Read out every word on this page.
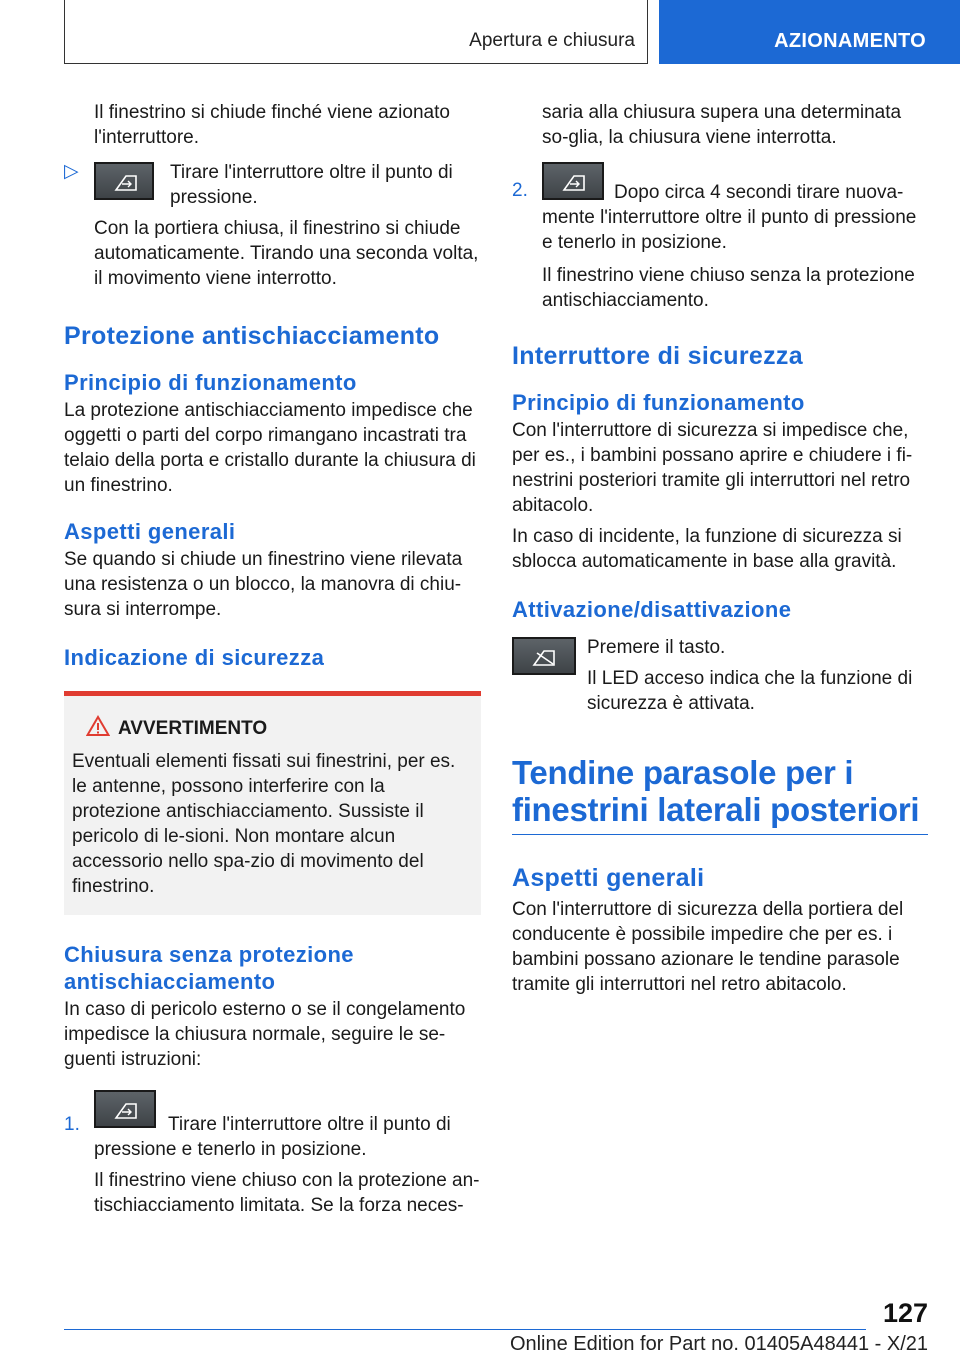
Apertura e chiusura	AZIONAMENTO

Il finestrino si chiude finché viene azionato l'interruttore.

▷	Tirare l'interruttore oltre il punto di pressione.

Con la portiera chiusa, il finestrino si chiude automaticamente. Tirando una seconda volta, il movimento viene interrotto.

Protezione antischiacciamento
Principio di funzionamento

La protezione antischiacciamento impedisce che oggetti o parti del corpo rimangano incastrati tra telaio della porta e cristallo durante la chiusura di un finestrino.

Aspetti generali

Se quando si chiude un finestrino viene rilevata una resistenza o un blocco, la manovra di chiu-sura si interrompe.

Indicazione di sicurezza
AVVERTIMENTO

Eventuali elementi fissati sui finestrini, per es. le antenne, possono interferire con la protezione antischiacciamento. Sussiste il pericolo di le-sioni. Non montare alcun accessorio nello spa-zio di movimento del finestrino.

Chiusura senza protezione antischiacciamento

In caso di pericolo esterno o se il congelamento impedisce la chiusura normale, seguire le se-guenti istruzioni:

1.	Tirare l'interruttore oltre il punto di pressione e tenerlo in posizione.

Il finestrino viene chiuso con la protezione an-tischiacciamento limitata. Se la forza neces-

saria alla chiusura supera una determinata so-glia, la chiusura viene interrotta.

2.	Dopo circa 4 secondi tirare nuova-mente l'interruttore oltre il punto di pressione e tenerlo in posizione.

Il finestrino viene chiuso senza la protezione antischiacciamento.

Interruttore di sicurezza
Principio di funzionamento

Con l'interruttore di sicurezza si impedisce che, per es., i bambini possano aprire e chiudere i fi-nestrini posteriori tramite gli interruttori nel retro abitacolo.

In caso di incidente, la funzione di sicurezza si sblocca automaticamente in base alla gravità.

Attivazione/disattivazione

Premere il tasto.

Il LED acceso indica che la funzione di sicurezza è attivata.

Tendine parasole per i finestrini laterali posteriori
Aspetti generali

Con l'interruttore di sicurezza della portiera del conducente è possibile impedire che per es. i bambini possano azionare le tendine parasole tramite gli interruttori nel retro abitacolo.

127
Online Edition for Part no. 01405A48441 - X/21
